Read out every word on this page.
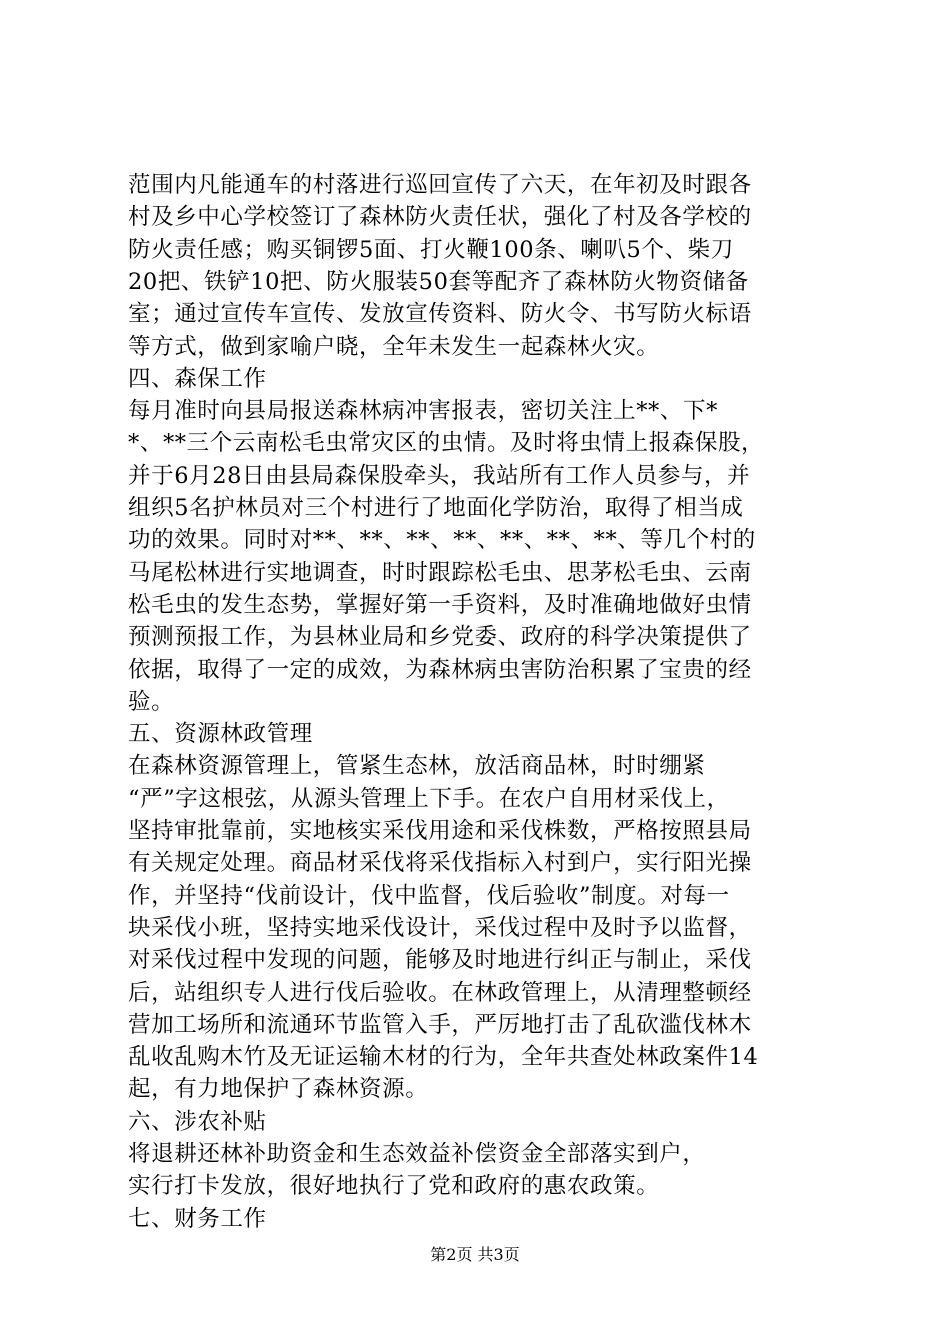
范围内凡能通车的村落进行巡回宣传了六天，在年初及时跟各
村及乡中心学校签订了森林防火责任状，强化了村及各学校的
防火责任感；购买铜锣5面、打火鞭100条、喇叭5个、柴刀
20把、铁铲10把、防火服装50套等配齐了森林防火物资储备
室；通过宣传车宣传、发放宣传资料、防火令、书写防火标语
等方式，做到家喻户晓，全年未发生一起森林火灾。
四、森保工作
每月准时向县局报送森林病冲害报表，密切关注上**、下*
*、**三个云南松毛虫常灾区的虫情。及时将虫情上报森保股，
并于6月28日由县局森保股牵头，我站所有工作人员参与，并
组织5名护林员对三个村进行了地面化学防治，取得了相当成
功的效果。同时对**、**、**、**、**、**、**、等几个村的
马尾松林进行实地调查，时时跟踪松毛虫、思茅松毛虫、云南
松毛虫的发生态势，掌握好第一手资料，及时准确地做好虫情
预测预报工作，为县林业局和乡党委、政府的科学决策提供了
依据，取得了一定的成效，为森林病虫害防治积累了宝贵的经
验。
五、资源林政管理
在森林资源管理上，管紧生态林，放活商品林，时时绷紧
“严”字这根弦，从源头管理上下手。在农户自用材采伐上，
坚持审批靠前，实地核实采伐用途和采伐株数，严格按照县局
有关规定处理。商品材采伐将采伐指标入村到户，实行阳光操
作，并坚持“伐前设计，伐中监督，伐后验收”制度。对每一
块采伐小班，坚持实地采伐设计，采伐过程中及时予以监督，
对采伐过程中发现的问题，能够及时地进行纠正与制止，采伐
后，站组织专人进行伐后验收。在林政管理上，从清理整顿经
营加工场所和流通环节监管入手，严厉地打击了乱砍滥伐林木
乱收乱购木竹及无证运输木材的行为，全年共查处林政案件14
起，有力地保护了森林资源。
六、涉农补贴
将退耕还林补助资金和生态效益补偿资金全部落实到户，
实行打卡发放，很好地执行了党和政府的惠农政策。
七、财务工作
第2页 共3页
